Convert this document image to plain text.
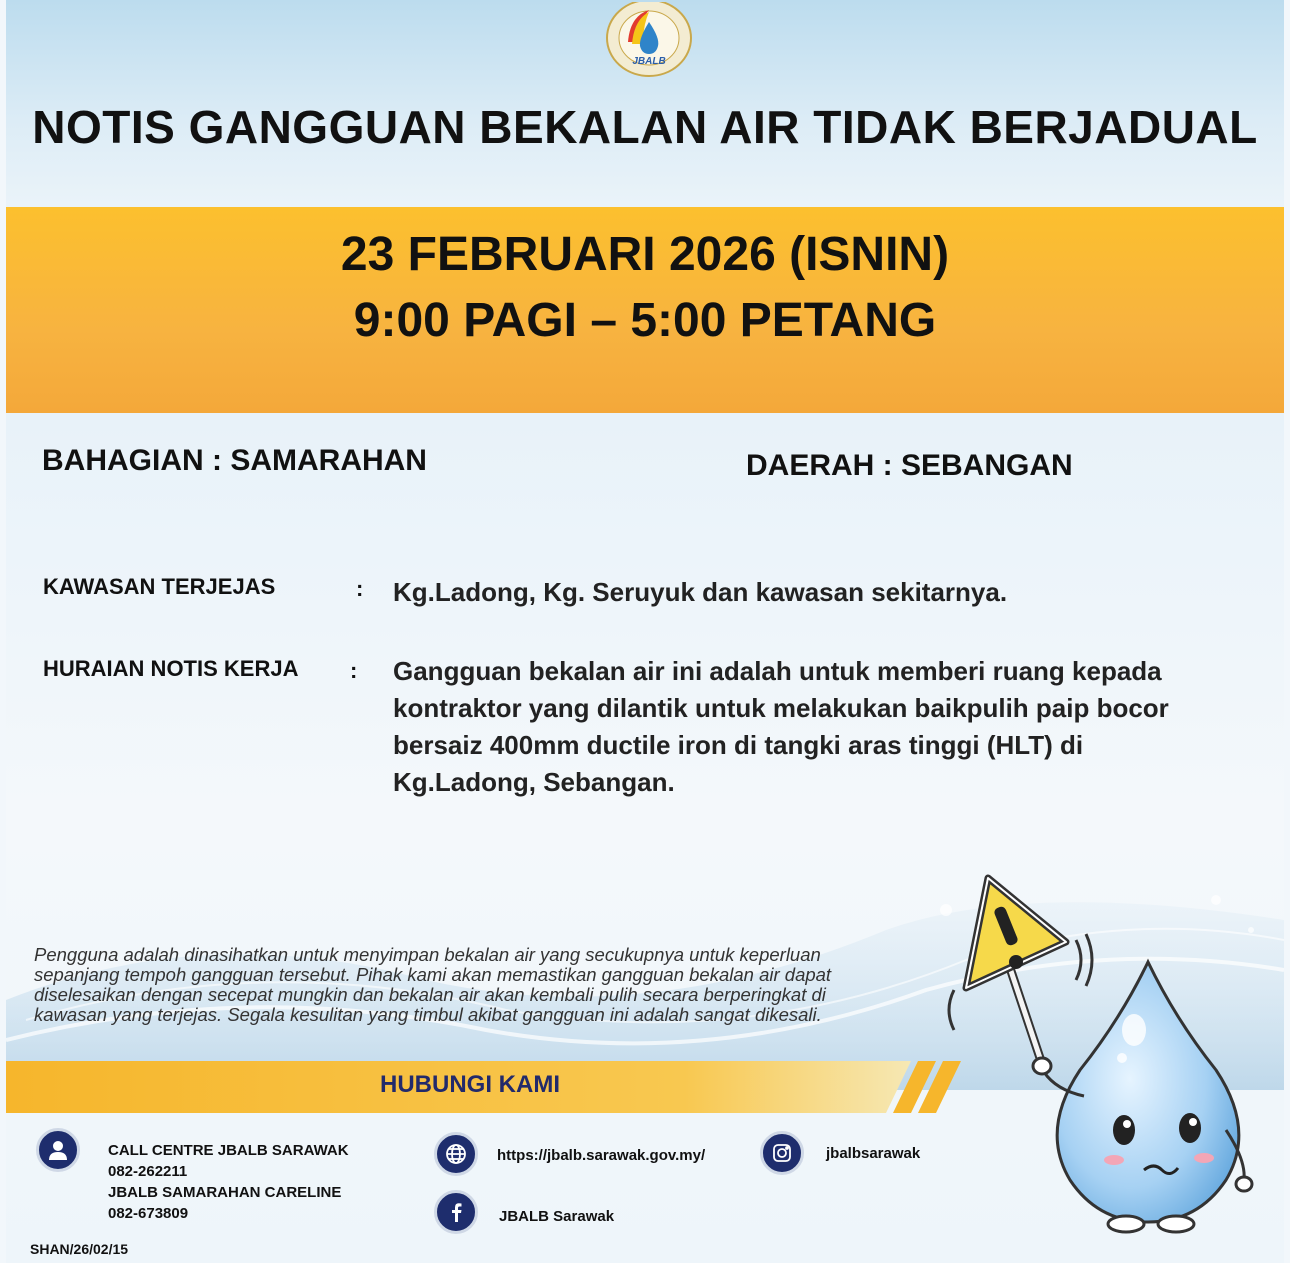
JBALB
NOTIS GANGGUAN BEKALAN AIR TIDAK BERJADUAL
23 FEBRUARI 2026 (ISNIN)
9:00 PAGI – 5:00 PETANG
BAHAGIAN : SAMARAHAN	DAERAH : SEBANGAN
KAWASAN TERJEJAS	: Kg.Ladong, Kg. Seruyuk dan kawasan sekitarnya.
HURAIAN NOTIS KERJA : Gangguan bekalan air ini adalah untuk memberi ruang kepada
kontraktor yang dilantik untuk melakukan baikpulih paip bocor
bersaiz 400mm ductile iron di tangki aras tinggi (HLT) di
Kg.Ladong, Sebangan.
Pengguna adalah dinasihatkan untuk menyimpan bekalan air yang secukupnya untuk keperluan
sepanjang tempoh gangguan tersebut. Pihak kami akan memastikan gangguan bekalan air dapat
diselesaikan dengan secepat mungkin dan bekalan air akan kembali pulih secara berperingkat di
kawasan yang terjejas. Segala kesulitan yang timbul akibat gangguan ini adalah sangat dikesali.
HUBUNGI KAMI
CALL CENTRE JBALB SARAWAK
082-262211
JBALB SAMARAHAN CARELINE
082-673809
https://jbalb.sarawak.gov.my/	jbalbsarawak
JBALB Sarawak
SHAN/26/02/15
